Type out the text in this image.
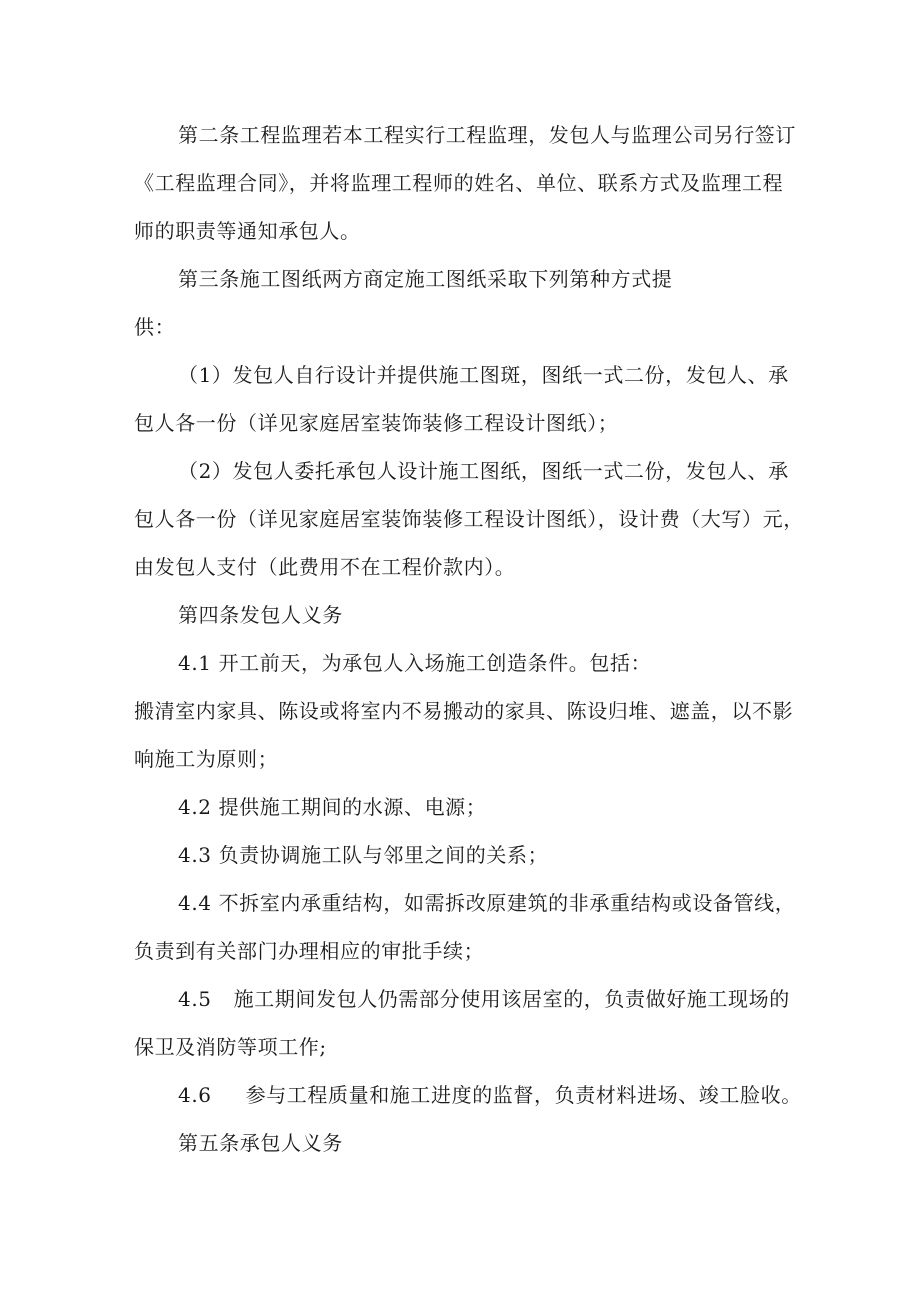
第二条工程监理若本工程实行工程监理，发包人与监理公司另行签订
《工程监理合同》，并将监理工程师的姓名、单位、联系方式及监理工程
师的职责等通知承包人。
第三条施工图纸两方商定施工图纸采取下列第种方式提
供：
（1）发包人自行设计并提供施工图斑，图纸一式二份，发包人、承
包人各一份（详见家庭居室装饰装修工程设计图纸）；
（2）发包人委托承包人设计施工图纸，图纸一式二份，发包人、承
包人各一份（详见家庭居室装饰装修工程设计图纸），设计费（大写）元，
由发包人支付（此费用不在工程价款内）。
第四条发包人义务
4.1 开工前天，为承包人入场施工创造条件。包括：
搬清室内家具、陈设或将室内不易搬动的家具、陈设归堆、遮盖，以不影
响施工为原则；
4.2 提供施工期间的水源、电源；
4.3 负责协调施工队与邻里之间的关系；
4.4 不拆室内承重结构，如需拆改原建筑的非承重结构或设备管线，
负责到有关部门办理相应的审批手续；
4.5 施工期间发包人仍需部分使用该居室的，负责做好施工现场的
保卫及消防等项工作;
4.6 参与工程质量和施工进度的监督，负责材料进场、竣工脸收。
第五条承包人义务
